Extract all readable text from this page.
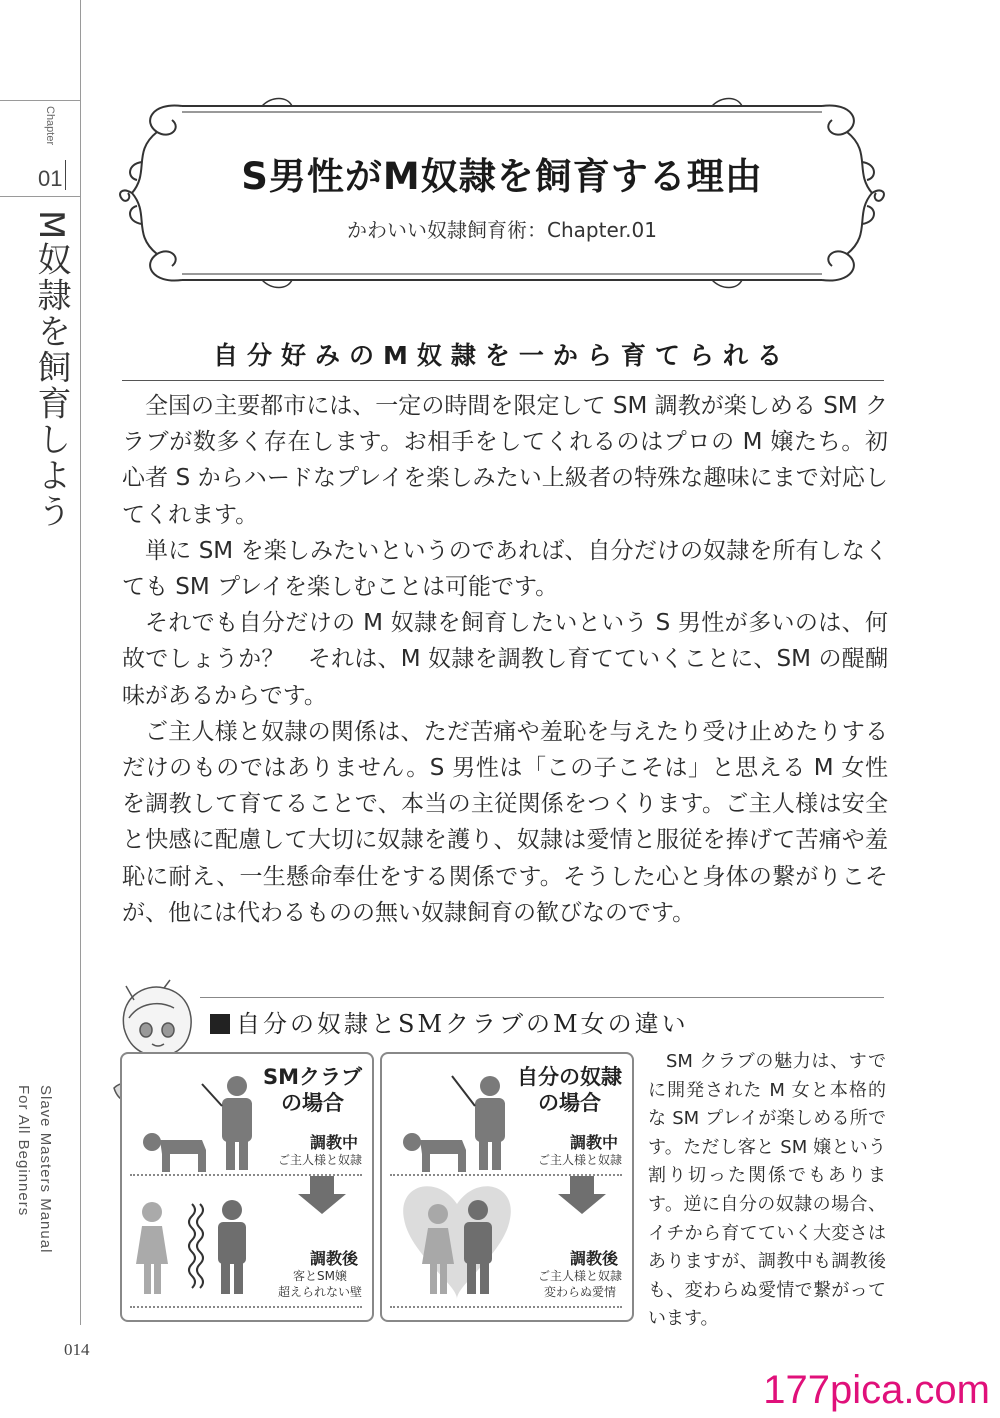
Chapter
01
M奴隷を飼育しよう
Slave Masters Manual
For All Beginners
014
S男性がM奴隷を飼育する理由
かわいい奴隷飼育術：Chapter.01
自分好みのM奴隷を一から育てられる

全国の主要都市には、一定の時間を限定して SM 調教が楽しめる SM クラブが数多く存在します。お相手をしてくれるのはプロの M 嬢たち。初心者 S からハードなプレイを楽しみたい上級者の特殊な趣味にまで対応してくれます。

単に SM を楽しみたいというのであれば、自分だけの奴隷を所有しなくても SM プレイを楽しむことは可能です。

それでも自分だけの M 奴隷を飼育したいという S 男性が多いのは、何故でしょうか？　それは、M 奴隷を調教し育てていくことに、SM の醍醐味があるからです。

ご主人様と奴隷の関係は、ただ苦痛や羞恥を与えたり受け止めたりするだけのものではありません。S 男性は「この子こそは」と思える M 女性を調教して育てることで、本当の主従関係をつくります。ご主人様は安全と快感に配慮して大切に奴隷を護り、奴隷は愛情と服従を捧げて苦痛や羞恥に耐え、一生懸命奉仕をする関係です。そうした心と身体の繋がりこそが、他には代わるものの無い奴隷飼育の歓びなのです。

自分の奴隷とSMクラブのM女の違い
SMクラブ
の場合
調教中
ご主人様と奴隷
調教後
客とSM嬢
超えられない壁
自分の奴隷
の場合
調教中
ご主人様と奴隷
調教後
ご主人様と奴隷
変わらぬ愛情

SM クラブの魅力は、すでに開発された M 女と本格的な SM プレイが楽しめる所です。ただし客と SM 嬢という割り切った関係でもあります。逆に自分の奴隷の場合、イチから育てていく大変さはありますが、調教中も調教後も、変わらぬ愛情で繋がっています。

177pica.com
